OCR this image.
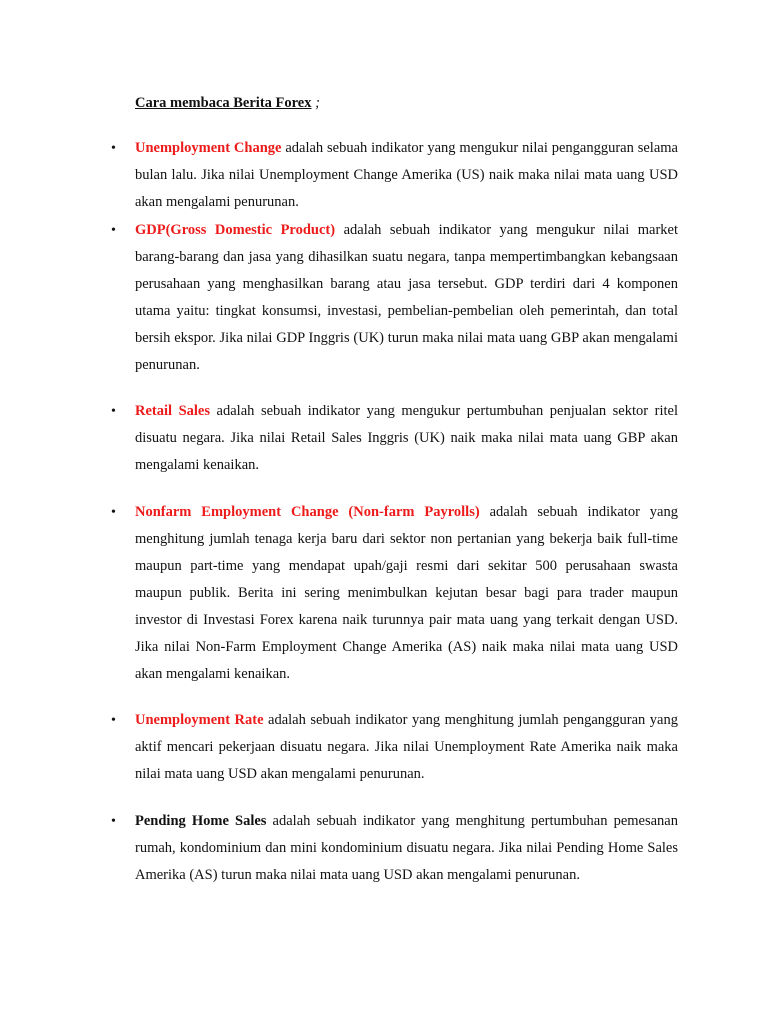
Cara membaca Berita Forex ;
• Unemployment Change adalah sebuah indikator yang mengukur nilai pengangguran selama bulan lalu. Jika nilai Unemployment Change Amerika (US) naik maka nilai mata uang USD akan mengalami penurunan.
• GDP(Gross Domestic Product) adalah sebuah indikator yang mengukur nilai market barang-barang dan jasa yang dihasilkan suatu negara, tanpa mempertimbangkan kebangsaan perusahaan yang menghasilkan barang atau jasa tersebut. GDP terdiri dari 4 komponen utama yaitu: tingkat konsumsi, investasi, pembelian-pembelian oleh pemerintah, dan total bersih ekspor. Jika nilai GDP Inggris (UK) turun maka nilai mata uang GBP akan mengalami penurunan.
• Retail Sales adalah sebuah indikator yang mengukur pertumbuhan penjualan sektor ritel disuatu negara. Jika nilai Retail Sales Inggris (UK) naik maka nilai mata uang GBP akan mengalami kenaikan.
• Nonfarm Employment Change (Non-farm Payrolls) adalah sebuah indikator yang menghitung jumlah tenaga kerja baru dari sektor non pertanian yang bekerja baik full-time maupun part-time yang mendapat upah/gaji resmi dari sekitar 500 perusahaan swasta maupun publik. Berita ini sering menimbulkan kejutan besar bagi para trader maupun investor di Investasi Forex karena naik turunnya pair mata uang yang terkait dengan USD. Jika nilai Non-Farm Employment Change Amerika (AS) naik maka nilai mata uang USD akan mengalami kenaikan.
• Unemployment Rate adalah sebuah indikator yang menghitung jumlah pengangguran yang aktif mencari pekerjaan disuatu negara. Jika nilai Unemployment Rate Amerika naik maka nilai mata uang USD akan mengalami penurunan.
• Pending Home Sales adalah sebuah indikator yang menghitung pertumbuhan pemesanan rumah, kondominium dan mini kondominium disuatu negara. Jika nilai Pending Home Sales Amerika (AS) turun maka nilai mata uang USD akan mengalami penurunan.
